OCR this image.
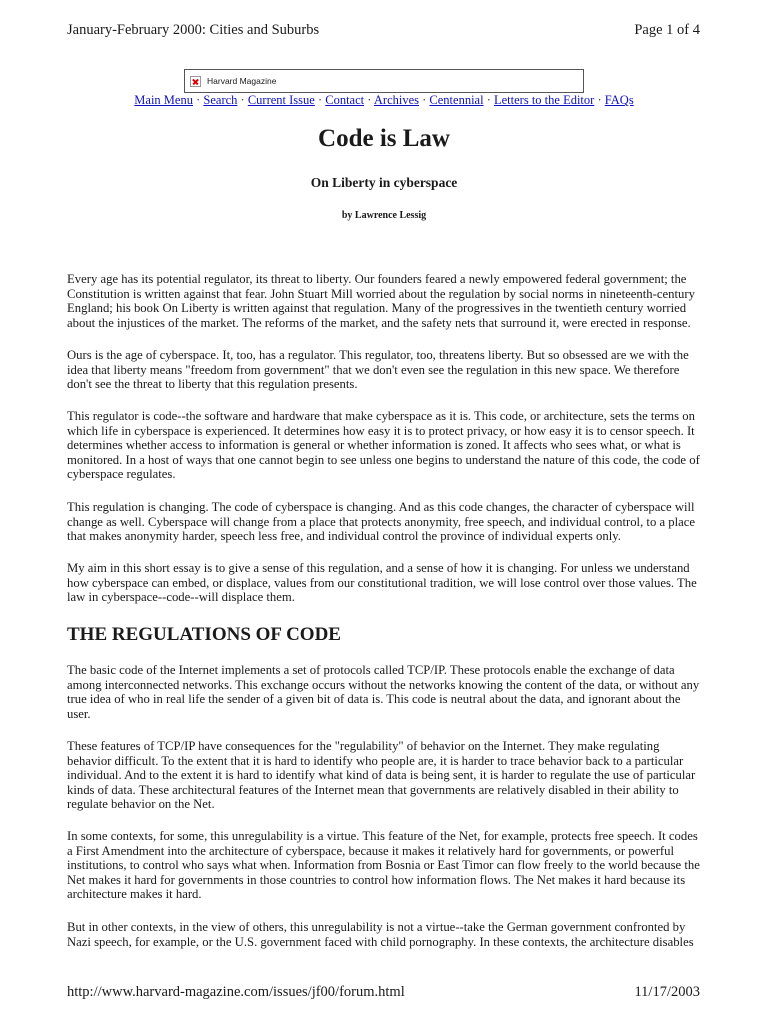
January-February 2000: Cities and Suburbs	Page 1 of 4
Harvard Magazine
Main Menu · Search · Current Issue · Contact · Archives · Centennial · Letters to the Editor · FAQs
Code is Law
On Liberty in cyberspace
by Lawrence Lessig

Every age has its potential regulator, its threat to liberty. Our founders feared a newly empowered federal government; the Constitution is written against that fear. John Stuart Mill worried about the regulation by social norms in nineteenth-century England; his book On Liberty is written against that regulation. Many of the progressives in the twentieth century worried about the injustices of the market. The reforms of the market, and the safety nets that surround it, were erected in response.

Ours is the age of cyberspace. It, too, has a regulator. This regulator, too, threatens liberty. But so obsessed are we with the idea that liberty means "freedom from government" that we don't even see the regulation in this new space. We therefore don't see the threat to liberty that this regulation presents.

This regulator is code--the software and hardware that make cyberspace as it is. This code, or architecture, sets the terms on which life in cyberspace is experienced. It determines how easy it is to protect privacy, or how easy it is to censor speech. It determines whether access to information is general or whether information is zoned. It affects who sees what, or what is monitored. In a host of ways that one cannot begin to see unless one begins to understand the nature of this code, the code of cyberspace regulates.

This regulation is changing. The code of cyberspace is changing. And as this code changes, the character of cyberspace will change as well. Cyberspace will change from a place that protects anonymity, free speech, and individual control, to a place that makes anonymity harder, speech less free, and individual control the province of individual experts only.

My aim in this short essay is to give a sense of this regulation, and a sense of how it is changing. For unless we understand how cyberspace can embed, or displace, values from our constitutional tradition, we will lose control over those values. The law in cyberspace--code--will displace them.

THE REGULATIONS OF CODE

The basic code of the Internet implements a set of protocols called TCP/IP. These protocols enable the exchange of data among interconnected networks. This exchange occurs without the networks knowing the content of the data, or without any true idea of who in real life the sender of a given bit of data is. This code is neutral about the data, and ignorant about the user.

These features of TCP/IP have consequences for the "regulability" of behavior on the Internet. They make regulating behavior difficult. To the extent that it is hard to identify who people are, it is harder to trace behavior back to a particular individual. And to the extent it is hard to identify what kind of data is being sent, it is harder to regulate the use of particular kinds of data. These architectural features of the Internet mean that governments are relatively disabled in their ability to regulate behavior on the Net.

In some contexts, for some, this unregulability is a virtue. This feature of the Net, for example, protects free speech. It codes a First Amendment into the architecture of cyberspace, because it makes it relatively hard for governments, or powerful institutions, to control who says what when. Information from Bosnia or East Timor can flow freely to the world because the Net makes it hard for governments in those countries to control how information flows. The Net makes it hard because its architecture makes it hard.

But in other contexts, in the view of others, this unregulability is not a virtue--take the German government confronted by Nazi speech, for example, or the U.S. government faced with child pornography. In these contexts, the architecture disables

http://www.harvard-magazine.com/issues/jf00/forum.html	11/17/2003
